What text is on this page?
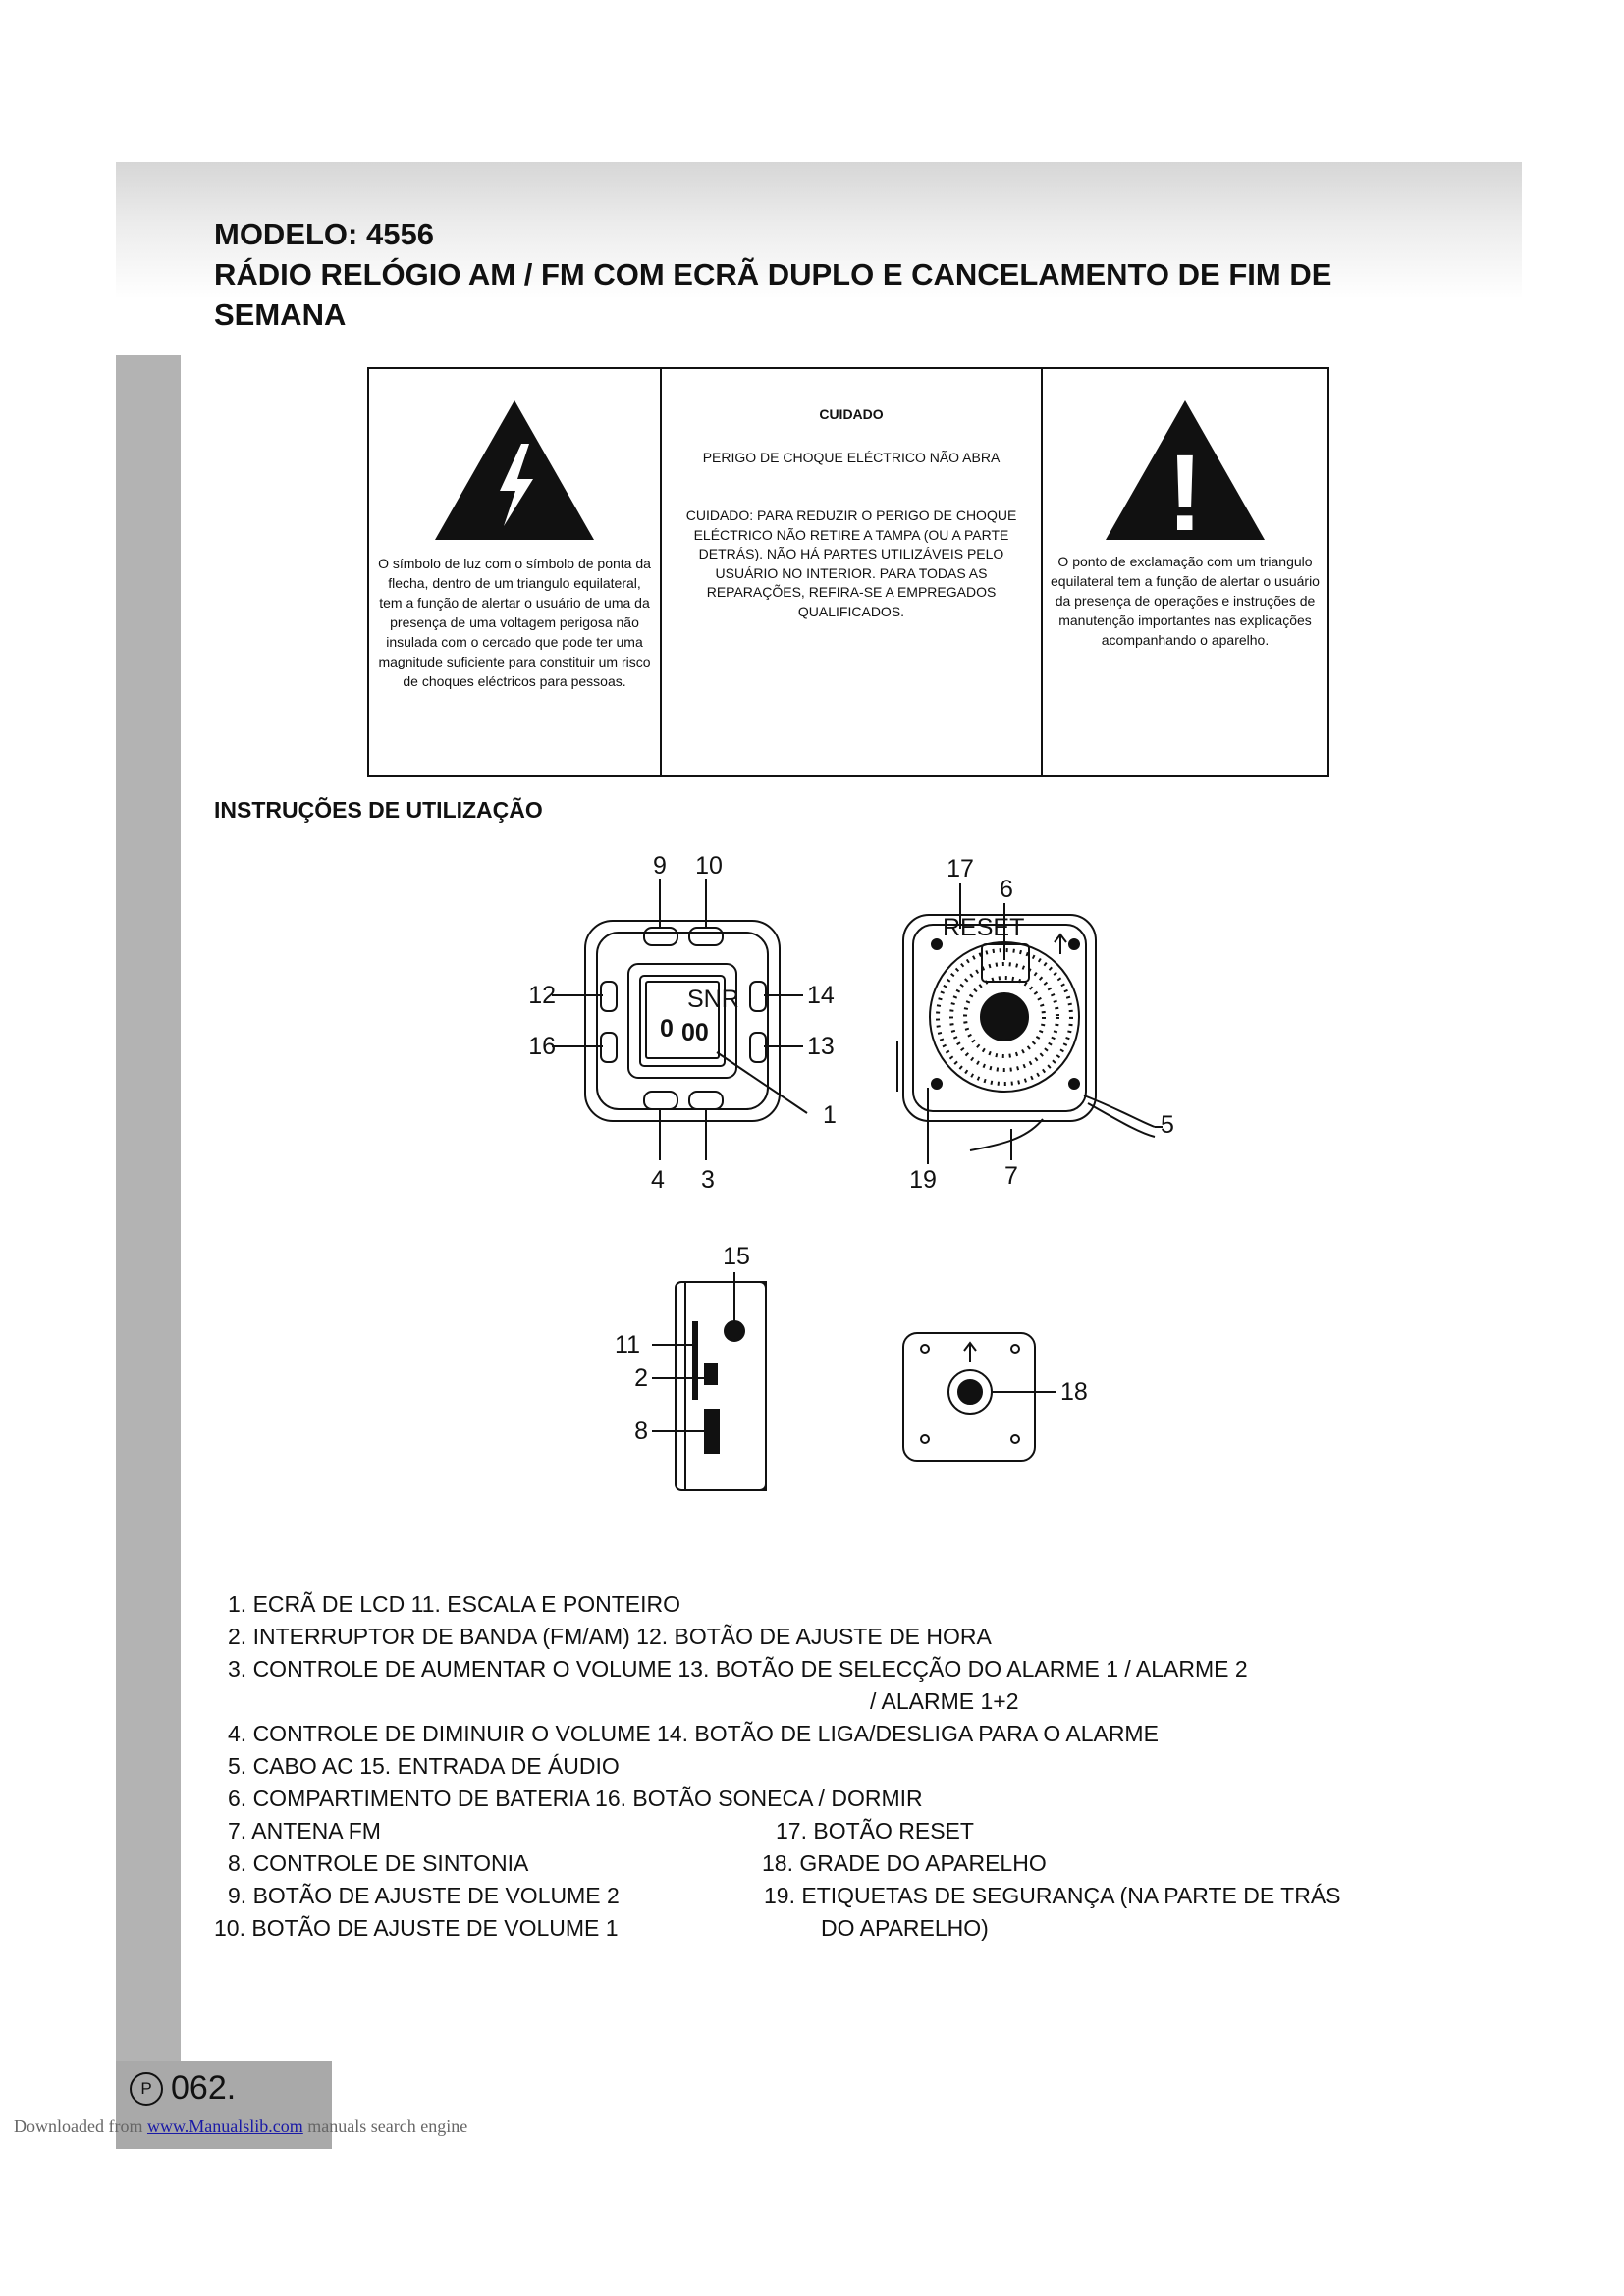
MODELO: 4556
RÁDIO RELÓGIO AM / FM COM ECRÃ DUPLO E CANCELAMENTO DE FIM DE
SEMANA
O símbolo de luz com o símbolo de ponta da flecha, dentro de um triangulo equilateral, tem a função de alertar o usuário de uma da presença de uma voltagem perigosa não insulada com o cercado que pode ter uma magnitude suficiente para constituir um risco de choques eléctricos para pessoas.
CUIDADO
PERIGO DE CHOQUE ELÉCTRICO NÃO ABRA
CUIDADO: PARA REDUZIR O PERIGO DE CHOQUE ELÉCTRICO NÃO RETIRE A TAMPA (OU A PARTE DETRÁS). NÃO HÁ PARTES UTILIZÁVEIS PELO USUÁRIO NO INTERIOR. PARA TODAS AS REPARAÇÕES, REFIRA-SE A EMPREGADOS QUALIFICADOS.
!
O ponto de exclamação com um triangulo equilateral tem a função de alertar o usuário da presença de operações e instruções de manutenção importantes nas explicações acompanhando o aparelho.
INSTRUÇÕES DE UTILIZAÇÃO
0 00
SNR
RESET
9 10
12	14
16	13
1
4 3
17
6
5
19	7
15
11
2
8
18
1. ECRÃ DE LCD 11. ESCALA E PONTEIRO
2. INTERRUPTOR DE BANDA (FM/AM) 12. BOTÃO DE AJUSTE DE HORA
3. CONTROLE DE AUMENTAR O VOLUME 13. BOTÃO DE SELECÇÃO DO ALARME 1 / ALARME 2
/ ALARME 1+2
4. CONTROLE DE DIMINUIR O VOLUME 14. BOTÃO DE LIGA/DESLIGA PARA O ALARME
5. CABO AC 15. ENTRADA DE ÁUDIO
6. COMPARTIMENTO DE BATERIA 16. BOTÃO SONECA / DORMIR
7. ANTENA FM	17. BOTÃO RESET
8. CONTROLE DE SINTONIA	18. GRADE DO APARELHO
9. BOTÃO DE AJUSTE DE VOLUME 2	19. ETIQUETAS DE SEGURANÇA (NA PARTE DE TRÁS
10. BOTÃO DE AJUSTE DE VOLUME 1	DO APARELHO)
P 062.
Downloaded from www.Manualslib.com manuals search engine
